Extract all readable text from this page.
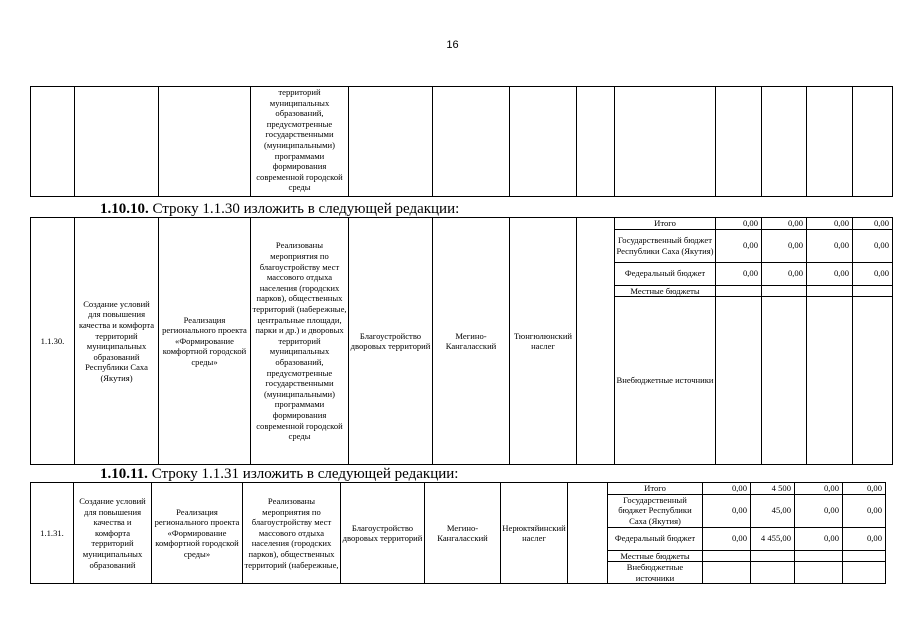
16
			территорий муниципальных образований, предусмотренные государственными (муниципальными) программами формирования современной городской среды									
1.10.10. Строку 1.1.30 изложить в следующей редакции:
1.1.30.	Создание условий для повышения качества и комфорта территорий муниципальных образований Республики Саха (Якутия)	Реализация регионального проекта «Формирование комфортной городской среды»	Реализованы мероприятия по благоустройству мест массового отдыха населения (городских парков), общественных территорий (набережные, центральные площади, парки и др.) и дворовых территорий муниципальных образований, предусмотренные государственными (муниципальными) программами формирования современной городской среды	Благоустройство дворовых территорий	Мегино-Кангаласский	Тюнгюлюнский наслег		Итого	0,00	0,00	0,00	0,00
								Государственный бюджет Республики Саха (Якутия)	0,00	0,00	0,00	0,00
								Федеральный бюджет	0,00	0,00	0,00	0,00
								Местные бюджеты				
								Внебюджетные источники				
1.10.11. Строку 1.1.31 изложить в следующей редакции:
1.1.31.	Создание условий для повышения качества и комфорта территорий муниципальных образований	Реализация регионального проекта «Формирование комфортной городской среды»	Реализованы мероприятия по благоустройству мест массового отдыха населения (городских парков), общественных территорий (набережные,	Благоустройство дворовых территорий	Мегино-Кангаласский	Нерюктяйинский наслег		Итого	0,00	4 500	0,00	0,00
								Государственный бюджет Республики Саха (Якутия)	0,00	45,00	0,00	0,00
								Федеральный бюджет	0,00	4 455,00	0,00	0,00
								Местные бюджеты				
								Внебюджетные источники				
